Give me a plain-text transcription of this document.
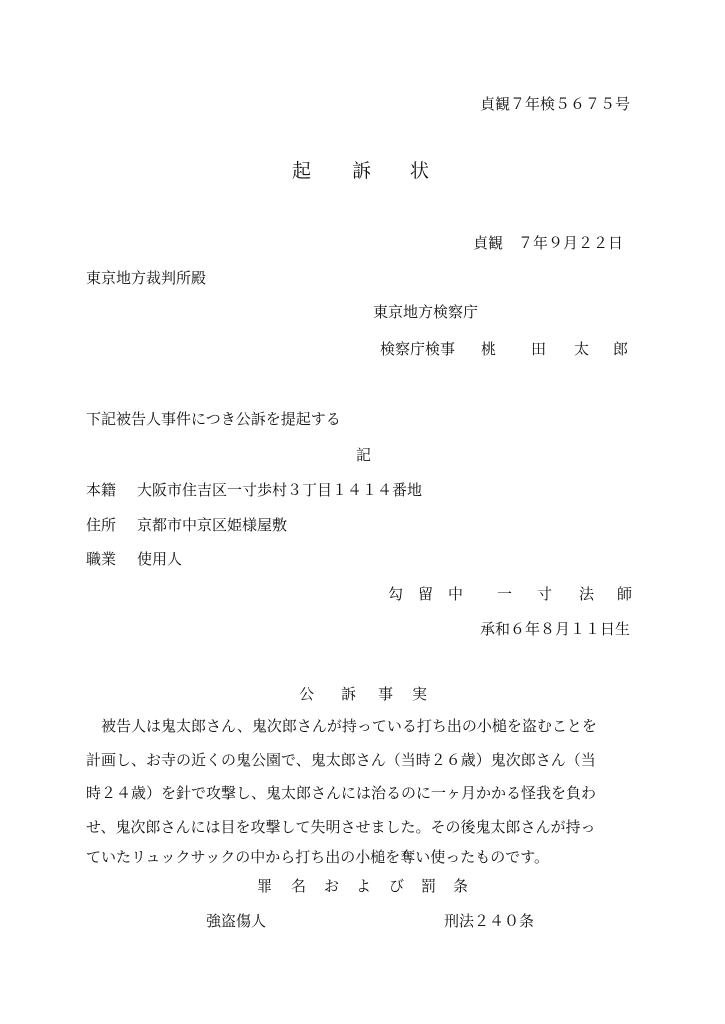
貞観７年検５６７５号
起 訴 状
貞観　７年９月２２日
東京地方裁判所殿
東京地方検察庁
検察庁検事 桃 田 太 郎
下記被告人事件につき公訴を提起する
記
本籍 大阪市住吉区一寸歩村３丁目１４１４番地
住所 京都市中京区姫様屋敷
職業 使用人
勾 留 中 一 寸 法 師
承和６年８月１１日生
公 訴 事 実
　被告人は鬼太郎さん、鬼次郎さんが持っている打ち出の小槌を盗むことを
計画し、お寺の近くの鬼公園で、鬼太郎さん（当時２６歳）鬼次郎さん（当
時２４歳）を針で攻撃し、鬼太郎さんには治るのに一ヶ月かかる怪我を負わ
せ、鬼次郎さんには目を攻撃して失明させました。その後鬼太郎さんが持っ
ていたリュックサックの中から打ち出の小槌を奪い使ったものです。
罪 名 お よ び 罰 条
強盗傷人	刑法２４０条
